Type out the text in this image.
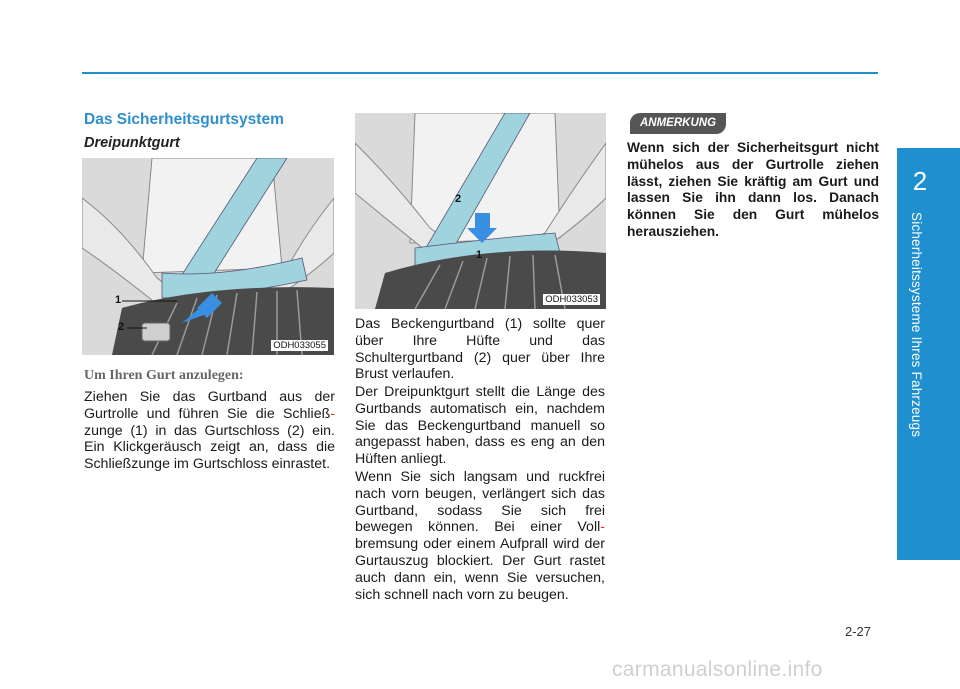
2
Sicherheitssysteme Ihres Fahrzeugs
Das Sicherheitsgurtsystem
Dreipunktgurt
1
2
ODH033055
2
1
ODH033053
Um Ihren Gurt anzulegen:

Ziehen Sie das Gurtband aus der Gurtrolle und führen Sie die Schließ- zunge (1) in das Gurtschloss (2) ein. Ein Klickgeräusch zeigt an, dass die Schließzunge im Gurtschloss einrastet.

Das Beckengurtband (1) sollte quer über Ihre Hüfte und das Schultergurtband (2) quer über Ihre Brust verlaufen.

Der Dreipunktgurt stellt die Länge des Gurtbands automatisch ein, nachdem Sie das Beckengurtband manuell so angepasst haben, dass es eng an den Hüften anliegt.

Wenn Sie sich langsam und ruckfrei nach vorn beugen, verlängert sich das Gurtband, sodass Sie sich frei bewegen können. Bei einer Voll- bremsung oder einem Aufprall wird der Gurtauszug blockiert. Der Gurt rastet auch dann ein, wenn Sie versuchen, sich schnell nach vorn zu beugen.

ANMERKUNG

Wenn sich der Sicherheitsgurt nicht mühelos aus der Gurtrolle ziehen lässt, ziehen Sie kräftig am Gurt und lassen Sie ihn dann los. Danach können Sie den Gurt mühelos herausziehen.

2-27
carmanualsonline.info
